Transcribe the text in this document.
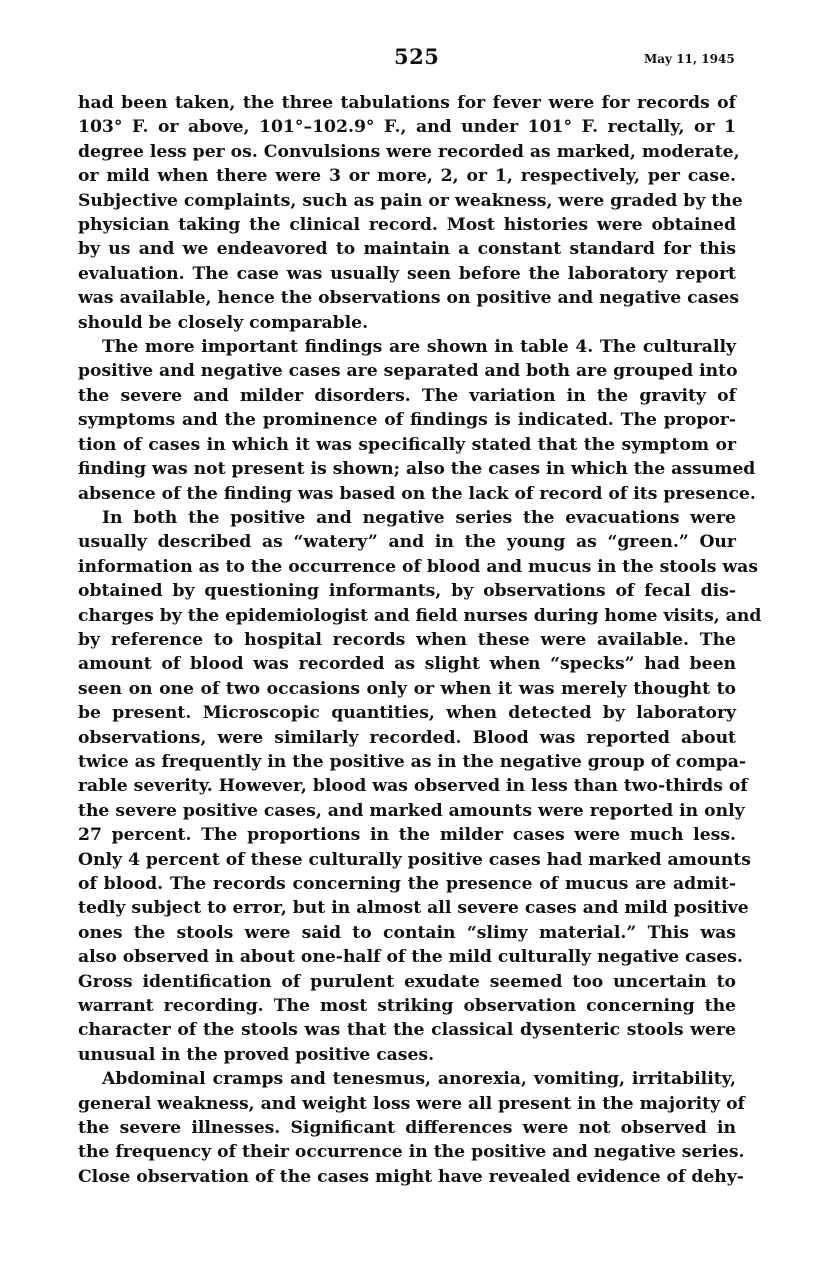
525	May 11, 1945
had been taken, the three tabulations for fever were for records of
103° F. or above, 101°–102.9° F., and under 101° F. rectally, or 1
degree less per os. Convulsions were recorded as marked, moderate,
or mild when there were 3 or more, 2, or 1, respectively, per case.
Subjective complaints, such as pain or weakness, were graded by the
physician taking the clinical record. Most histories were obtained
by us and we endeavored to maintain a constant standard for this
evaluation. The case was usually seen before the laboratory report
was available, hence the observations on positive and negative cases
should be closely comparable.
The more important findings are shown in table 4. The culturally
positive and negative cases are separated and both are grouped into
the severe and milder disorders. The variation in the gravity of
symptoms and the prominence of findings is indicated. The propor-
tion of cases in which it was specifically stated that the symptom or
finding was not present is shown; also the cases in which the assumed
absence of the finding was based on the lack of record of its presence.
In both the positive and negative series the evacuations were
usually described as “watery” and in the young as “green.” Our
information as to the occurrence of blood and mucus in the stools was
obtained by questioning informants, by observations of fecal dis-
charges by the epidemiologist and field nurses during home visits, and
by reference to hospital records when these were available. The
amount of blood was recorded as slight when “specks” had been
seen on one of two occasions only or when it was merely thought to
be present. Microscopic quantities, when detected by laboratory
observations, were similarly recorded. Blood was reported about
twice as frequently in the positive as in the negative group of compa-
rable severity. However, blood was observed in less than two-thirds of
the severe positive cases, and marked amounts were reported in only
27 percent. The proportions in the milder cases were much less.
Only 4 percent of these culturally positive cases had marked amounts
of blood. The records concerning the presence of mucus are admit-
tedly subject to error, but in almost all severe cases and mild positive
ones the stools were said to contain “slimy material.” This was
also observed in about one-half of the mild culturally negative cases.
Gross identification of purulent exudate seemed too uncertain to
warrant recording. The most striking observation concerning the
character of the stools was that the classical dysenteric stools were
unusual in the proved positive cases.
Abdominal cramps and tenesmus, anorexia, vomiting, irritability,
general weakness, and weight loss were all present in the majority of
the severe illnesses. Significant differences were not observed in
the frequency of their occurrence in the positive and negative series.
Close observation of the cases might have revealed evidence of dehy-
